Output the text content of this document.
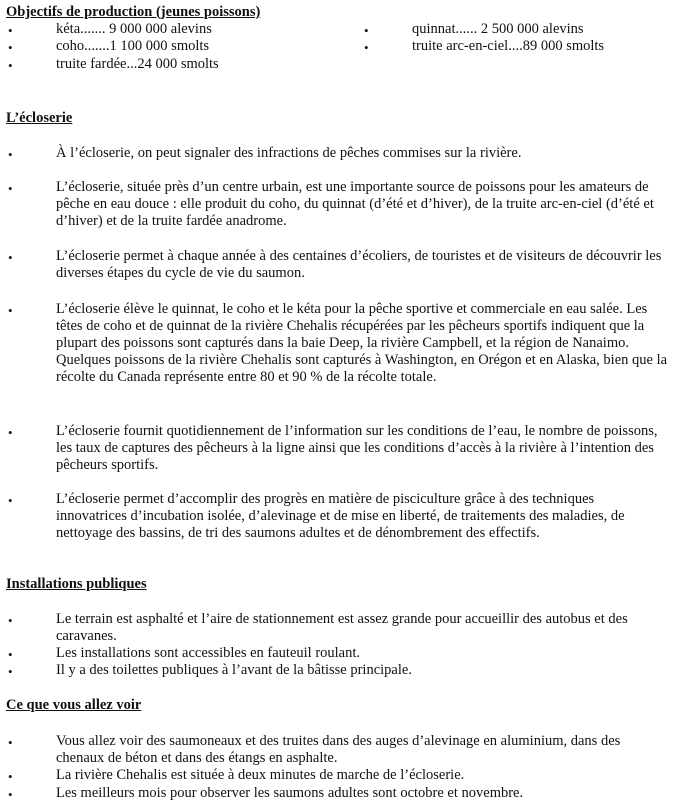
Objectifs de production (jeunes poissons)
•	kéta....... 9 000 000 alevins
•	coho.......1 100 000 smolts
•	truite fardée...24 000 smolts
•	quinnat...... 2 500 000 alevins
•	truite arc-en-ciel....89 000 smolts
L’écloserie
•	À l’écloserie, on peut signaler des infractions de pêches commises sur la rivière.

•	L’écloserie, située près d’un centre urbain, est une importante source de poissons pour les amateurs de pêche en eau douce : elle produit du coho, du quinnat (d’été et d’hiver), de la truite arc-en-ciel (d’été et d’hiver) et de la truite fardée anadrome.

•	L’écloserie permet à chaque année à des centaines d’écoliers, de touristes et de visiteurs de découvrir les diverses étapes du cycle de vie du saumon.

•	L’écloserie élève le quinnat, le coho et le kéta pour la pêche sportive et commerciale en eau salée. Les têtes de coho et de quinnat de la rivière Chehalis récupérées par les pêcheurs sportifs indiquent que la plupart des poissons sont capturés dans la baie Deep, la rivière Campbell, et la région de Nanaimo. Quelques poissons de la rivière Chehalis sont capturés à Washington, en Orégon et en Alaska, bien que la récolte du Canada représente entre 80 et 90 % de la récolte totale.

•	L’écloserie fournit quotidiennement de l’information sur les conditions de l’eau, le nombre de poissons, les taux de captures des pêcheurs à la ligne ainsi que les conditions d’accès à la rivière à l’intention des pêcheurs sportifs.

•	L’écloserie permet d’accomplir des progrès en matière de pisciculture grâce à des techniques innovatrices d’incubation isolée, d’alevinage et de mise en liberté, de traitements des maladies, de nettoyage des bassins, de tri des saumons adultes et de dénombrement des effectifs.

Installations publiques
•	Le terrain est asphalté et l’aire de stationnement est assez grande pour accueillir des autobus et des caravanes.

•	Les installations sont accessibles en fauteuil roulant.

•	Il y a des toilettes publiques à l’avant de la bâtisse principale.

Ce que vous allez voir
•	Vous allez voir des saumoneaux et des truites dans des auges d’alevinage en aluminium, dans des chenaux de béton et dans des étangs en asphalte.

•	La rivière Chehalis est située à deux minutes de marche de l’écloserie.

•	Les meilleurs mois pour observer les saumons adultes sont octobre et novembre.
